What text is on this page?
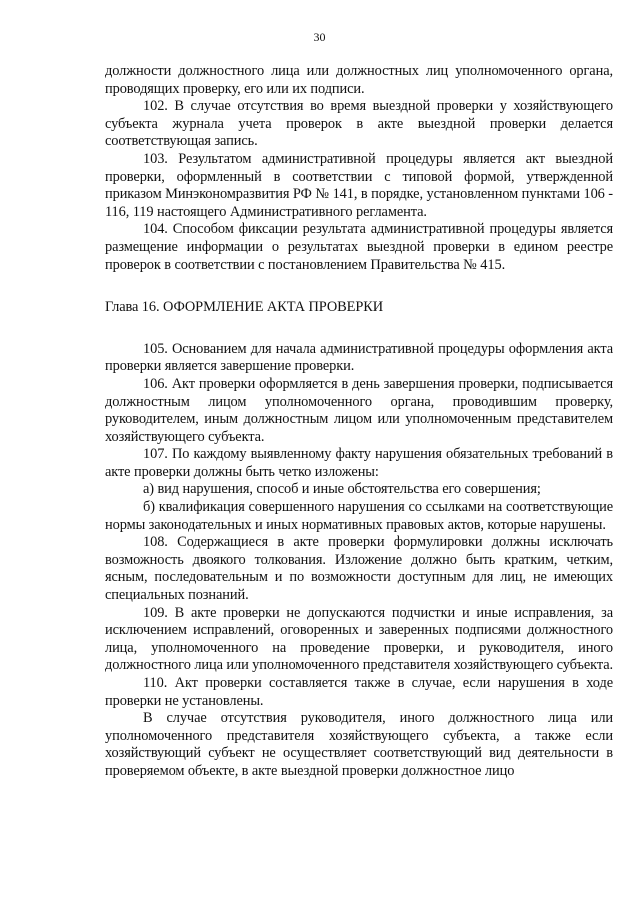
30

должности должностного лица или должностных лиц уполномоченного органа, проводящих проверку, его или их подписи.

102. В случае отсутствия во время выездной проверки у хозяйствующего субъекта журнала учета проверок в акте выездной проверки делается соответствующая запись.

103. Результатом административной процедуры является акт выездной проверки, оформленный в соответствии с типовой формой, утвержденной приказом Минэкономразвития РФ № 141, в порядке, установленном пунктами 106 - 116, 119 настоящего Административного регламента.

104. Способом фиксации результата административной процедуры является размещение информации о результатах выездной проверки в едином реестре проверок в соответствии с постановлением Правительства № 415.

Глава 16. ОФОРМЛЕНИЕ АКТА ПРОВЕРКИ

105. Основанием для начала административной процедуры оформления акта проверки является завершение проверки.

106. Акт проверки оформляется в день завершения проверки, подписывается должностным лицом уполномоченного органа, проводившим проверку, руководителем, иным должностным лицом или уполномоченным представителем хозяйствующего субъекта.

107. По каждому выявленному факту нарушения обязательных требований в акте проверки должны быть четко изложены:

а) вид нарушения, способ и иные обстоятельства его совершения;

б) квалификация совершенного нарушения со ссылками на соответствующие нормы законодательных и иных нормативных правовых актов, которые нарушены.

108. Содержащиеся в акте проверки формулировки должны исключать возможность двоякого толкования. Изложение должно быть кратким, четким, ясным, последовательным и по возможности доступным для лиц, не имеющих специальных познаний.

109. В акте проверки не допускаются подчистки и иные исправления, за исключением исправлений, оговоренных и заверенных подписями должностного лица, уполномоченного на проведение проверки, и руководителя, иного должностного лица или уполномоченного представителя хозяйствующего субъекта.

110. Акт проверки составляется также в случае, если нарушения в ходе проверки не установлены.

В случае отсутствия руководителя, иного должностного лица или уполномоченного представителя хозяйствующего субъекта, а также если хозяйствующий субъект не осуществляет соответствующий вид деятельности в проверяемом объекте, в акте выездной проверки должностное лицо
